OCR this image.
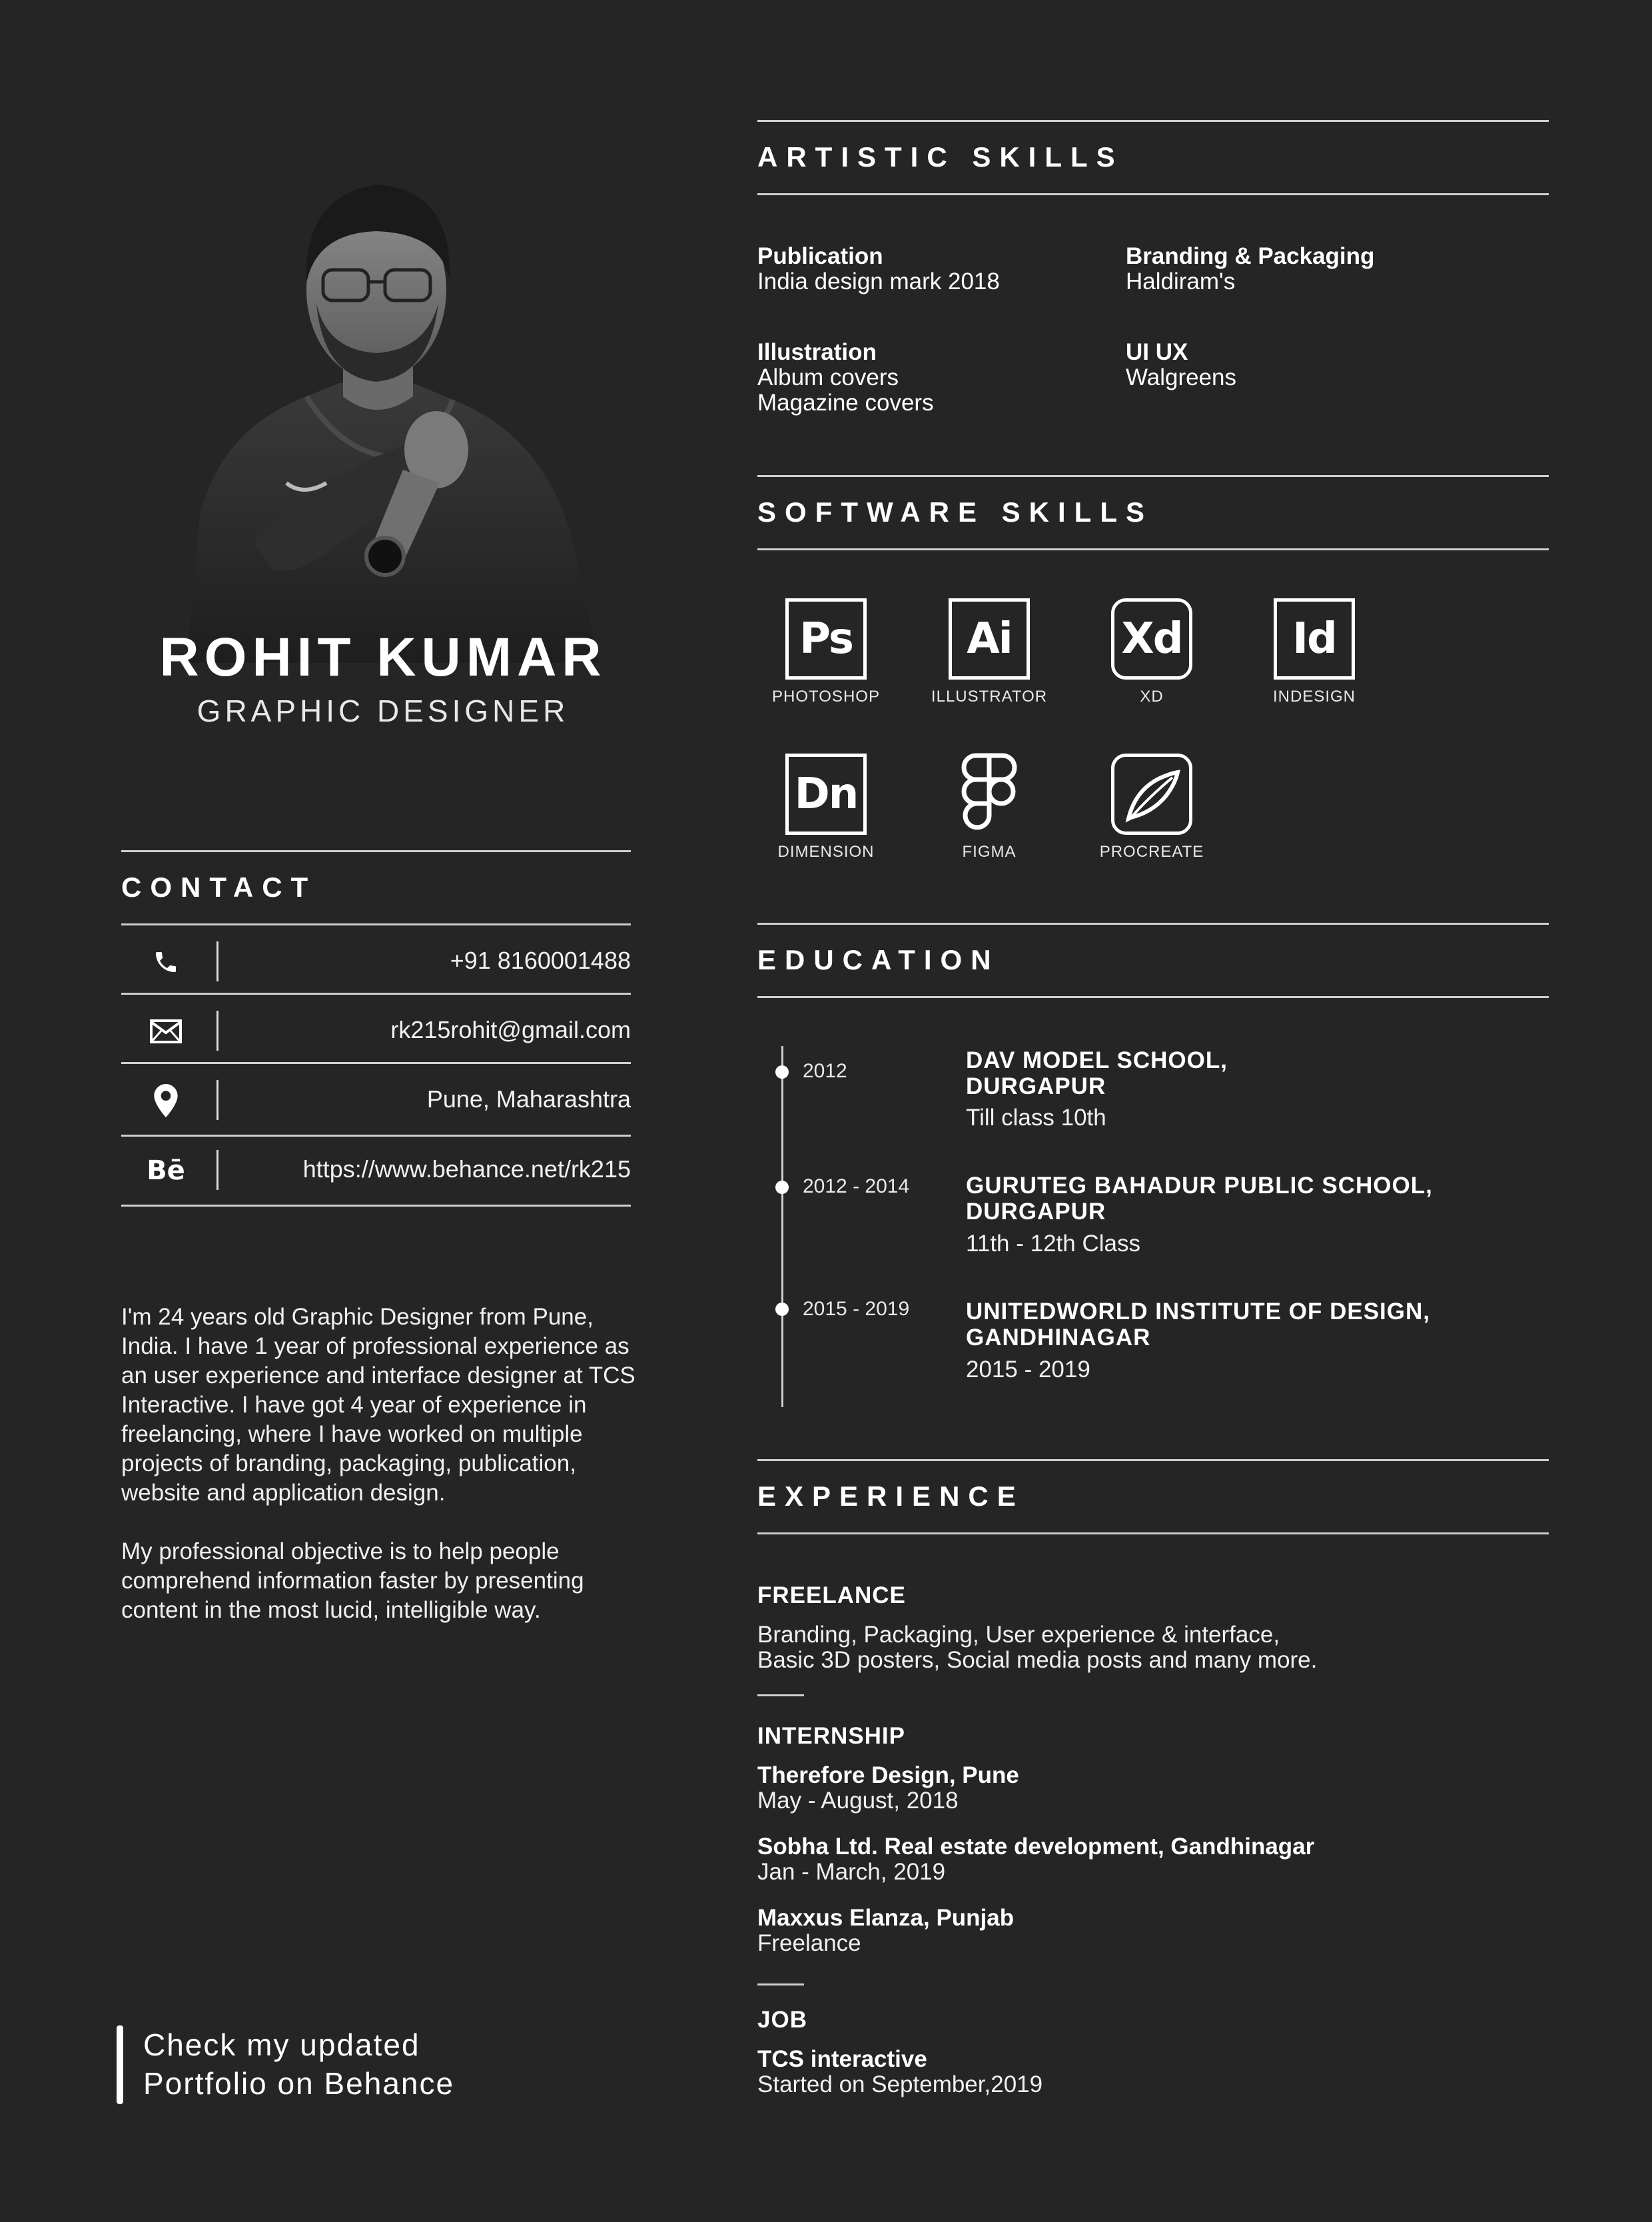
ROHIT KUMAR
GRAPHIC DESIGNER
CONTACT
+91 8160001488
rk215rohit@gmail.com
Pune, Maharashtra
Bē	https://www.behance.net/rk215

I'm 24 years old Graphic Designer from Pune, India. I have 1 year of professional experience as an user experience and interface designer at TCS Interactive. I have got 4 year of experience in freelancing, where I have worked on multiple projects of branding, packaging, publication, website and application design.

My professional objective is to help people comprehend information faster by presenting content in the most lucid, intelligible way.

Check my updated
Portfolio on Behance
ARTISTIC SKILLS
Publication
India design mark 2018
Branding & Packaging
Haldiram's
Illustration
Album covers
Magazine covers
UI UX
Walgreens
SOFTWARE SKILLS
Ps
PHOTOSHOP
Ai
ILLUSTRATOR
Xd
XD
Id
INDESIGN
Dn
DIMENSION	FIGMA	PROCREATE
EDUCATION
2012	DAV MODEL SCHOOL,
DURGAPUR
Till class 10th
2012 - 2014 GURUTEG BAHADUR PUBLIC SCHOOL,
DURGAPUR
11th - 12th Class
2015 - 2019 UNITEDWORLD INSTITUTE OF DESIGN,
GANDHINAGAR
2015 - 2019
EXPERIENCE
FREELANCE
Branding, Packaging, User experience & interface,
Basic 3D posters, Social media posts and many more.
INTERNSHIP
Therefore Design, Pune
May - August, 2018
Sobha Ltd. Real estate development, Gandhinagar
Jan - March, 2019
Maxxus Elanza, Punjab
Freelance
JOB
TCS interactive
Started on September,2019
